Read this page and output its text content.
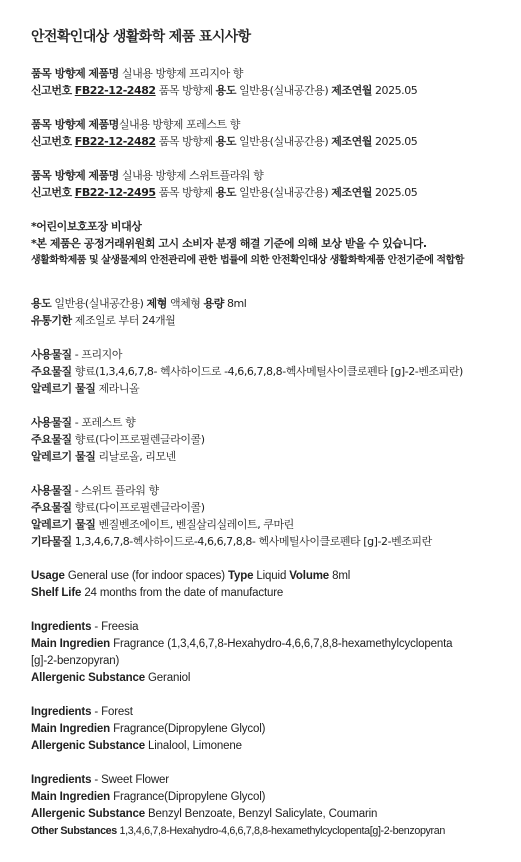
안전확인대상 생활화학 제품 표시사항
품목 방향제 제품명 실내용 방향제 프리지아 향
신고번호 FB22-12-2482 품목 방향제 용도 일반용(실내공간용) 제조연월 2025.05
품목 방향제 제품명실내용 방향제 포레스트 향
신고번호 FB22-12-2482 품목 방향제 용도 일반용(실내공간용) 제조연월 2025.05
품목 방향제 제품명 실내용 방향제 스위트플라워 향
신고번호 FB22-12-2495 품목 방향제 용도 일반용(실내공간용) 제조연월 2025.05
*어린이보호포장 비대상
*본 제품은 공정거래위원회 고시 소비자 분쟁 해결 기준에 의해 보상 받을 수 있습니다.
생활화학제품 및 살생물제의 안전관리에 관한 법률에 의한 안전확인대상 생활화학제품 안전기준에 적합함
용도 일반용(실내공간용) 제형 액체형 용량 8ml
유통기한 제조일로 부터 24개월
사용물질 - 프리지아
주요물질 향료(1,3,4,6,7,8- 헥사하이드로 -4,6,6,7,8,8-헥사메틸사이클로펜타 [g]-2-벤조피란)
알레르기 물질 제라니올
사용물질 - 포레스트 향
주요물질 향료(다이프로필렌글라이콜)
알레르기 물질 리날로올, 리모넨
사용물질 - 스위트 플라워 향
주요물질 향료(다이프로필렌글라이콜)
알레르기 물질 벤질벤조에이트, 벤질살리실레이트, 쿠마린
기타물질 1,3,4,6,7,8-헥사하이드로-4,6,6,7,8,8- 헥사메틸사이클로펜타 [g]-2-벤조피란
Usage General use (for indoor spaces) Type Liquid Volume 8ml
Shelf Life 24 months from the date of manufacture
Ingredients - Freesia
Main Ingredien Fragrance (1,3,4,6,7,8-Hexahydro-4,6,6,7,8,8-hexamethylcyclopenta
[g]-2-benzopyran)
Allergenic Substance Geraniol
Ingredients - Forest
Main Ingredien Fragrance(Dipropylene Glycol)
Allergenic Substance Linalool, Limonene
Ingredients - Sweet Flower
Main Ingredien Fragrance(Dipropylene Glycol)
Allergenic Substance Benzyl Benzoate, Benzyl Salicylate, Coumarin
Other Substances 1,3,4,6,7,8-Hexahydro-4,6,6,7,8,8-hexamethylcyclopenta[g]-2-benzopyran
